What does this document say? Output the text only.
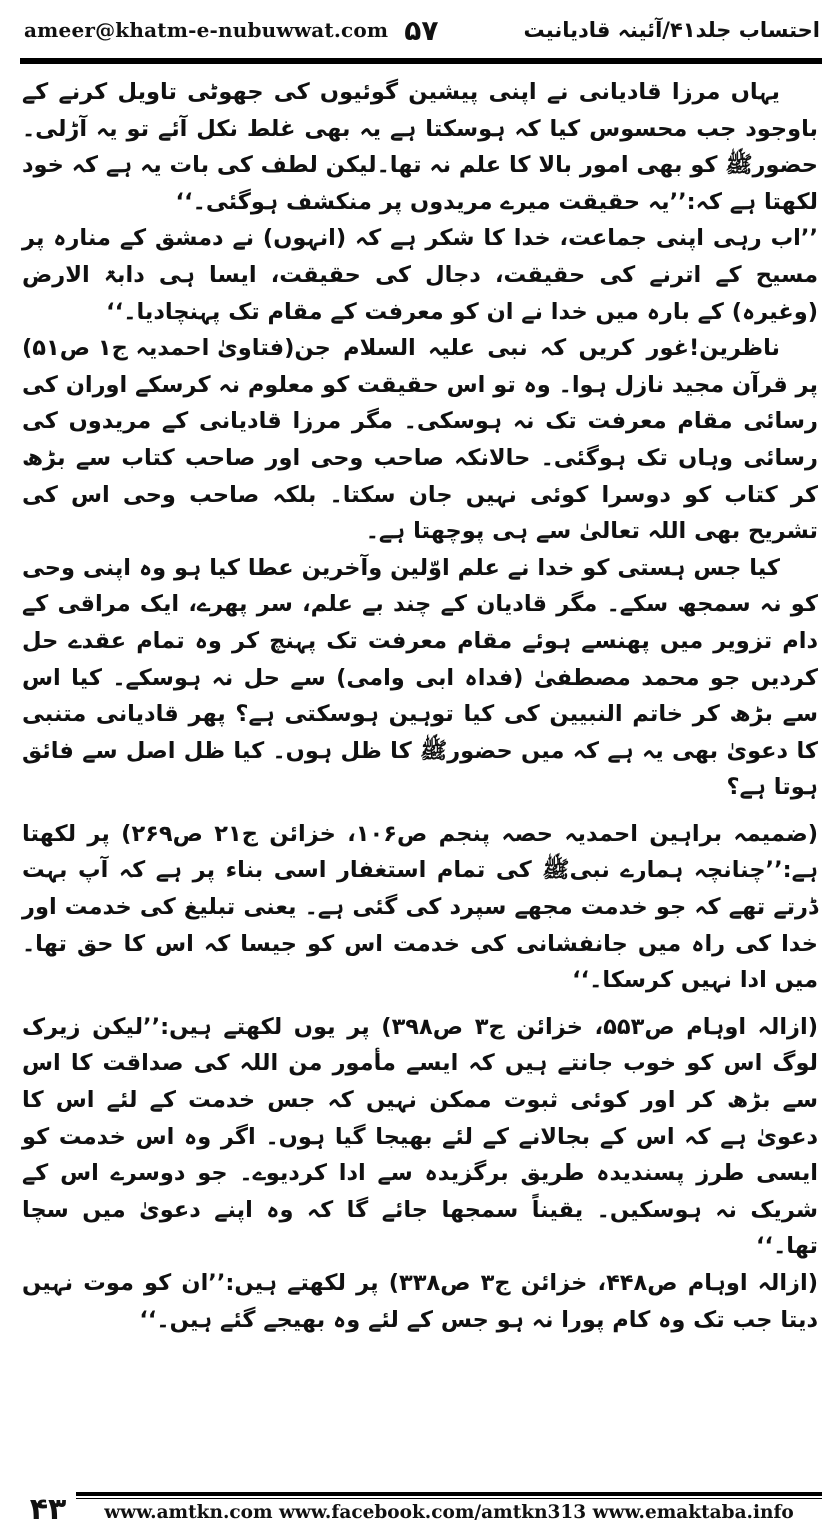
ameer@khatm-e-nubuwwat.com ۵۷	احتساب جلد۴۱/آئینہ قادیانیت

یہاں مرزا قادیانی نے اپنی پیشین گوئیوں کی جھوٹی تاویل کرنے کے باوجود جب محسوس کیا کہ ہوسکتا ہے یہ بھی غلط نکل آئے تو یہ آڑلی۔ حضورﷺ کو بھی امور بالا کا علم نہ تھا۔لیکن لطف کی بات یہ ہے کہ خود لکھتا ہے کہ:’’یہ حقیقت میرے مریدوں پر منکشف ہوگئی۔‘‘

’’اب رہی اپنی جماعت، خدا کا شکر ہے کہ (انہوں) نے دمشق کے منارہ پر مسیح کے اترنے کی حقیقت، دجال کی حقیقت، ایسا ہی دابۃ الارض (وغیرہ) کے بارہ میں خدا نے ان کو معرفت کے مقام تک پہنچادیا۔‘‘
(فتاویٰ احمدیہ ج۱ ص۵۱) ناظرین!غور کریں کہ نبی علیہ السلام جن پر قرآن مجید نازل ہوا۔ وہ تو اس حقیقت کو معلوم نہ کرسکے اوران کی رسائی مقام معرفت تک نہ ہوسکی۔ مگر مرزا قادیانی کے مریدوں کی رسائی وہاں تک ہوگئی۔ حالانکہ صاحب وحی اور صاحب کتاب سے بڑھ کر کتاب کو دوسرا کوئی نہیں جان سکتا۔ بلکہ صاحب وحی اس کی تشریح بھی اللہ تعالیٰ سے ہی پوچھتا ہے۔

کیا جس ہستی کو خدا نے علم اوّلین وآخرین عطا کیا ہو وہ اپنی وحی کو نہ سمجھ سکے۔ مگر قادیان کے چند بے علم، سر پھرے، ایک مراقی کے دام تزویر میں پھنسے ہوئے مقام معرفت تک پہنچ کر وہ تمام عقدے حل کردیں جو محمد مصطفیٰ (فداہ ابی وامی) سے حل نہ ہوسکے۔ کیا اس سے بڑھ کر خاتم النبیین کی کیا توہین ہوسکتی ہے؟ پھر قادیانی متنبی کا دعویٰ بھی یہ ہے کہ میں حضورﷺ کا ظل ہوں۔ کیا ظل اصل سے فائق ہوتا ہے؟

(ضمیمہ براہین احمدیہ حصہ پنجم ص۱۰۶، خزائن ج۲۱ ص۲۶۹) پر لکھتا ہے:’’چنانچہ ہمارے نبیﷺ کی تمام استغفار اسی بناء پر ہے کہ آپ بہت ڈرتے تھے کہ جو خدمت مجھے سپرد کی گئی ہے۔ یعنی تبلیغ کی خدمت اور خدا کی راہ میں جانفشانی کی خدمت اس کو جیسا کہ اس کا حق تھا۔ میں ادا نہیں کرسکا۔‘‘

(ازالہ اوہام ص۵۵۳، خزائن ج۳ ص۳۹۸) پر یوں لکھتے ہیں:’’لیکن زیرک لوگ اس کو خوب جانتے ہیں کہ ایسے مأمور من اللہ کی صداقت کا اس سے بڑھ کر اور کوئی ثبوت ممکن نہیں کہ جس خدمت کے لئے اس کا دعویٰ ہے کہ اس کے بجالانے کے لئے بھیجا گیا ہوں۔ اگر وہ اس خدمت کو ایسی طرز پسندیدہ طریق برگزیدہ سے ادا کردیوے۔ جو دوسرے اس کے شریک نہ ہوسکیں۔ یقیناً سمجھا جائے گا کہ وہ اپنے دعویٰ میں سچا تھا۔‘‘

(ازالہ اوہام ص۴۴۸، خزائن ج۳ ص۳۳۸) پر لکھتے ہیں:’’ان کو موت نہیں دیتا جب تک وہ کام پورا نہ ہو جس کے لئے وہ بھیجے گئے ہیں۔‘‘

۴۳	www.amtkn.com www.facebook.com/amtkn313 www.emaktaba.info
